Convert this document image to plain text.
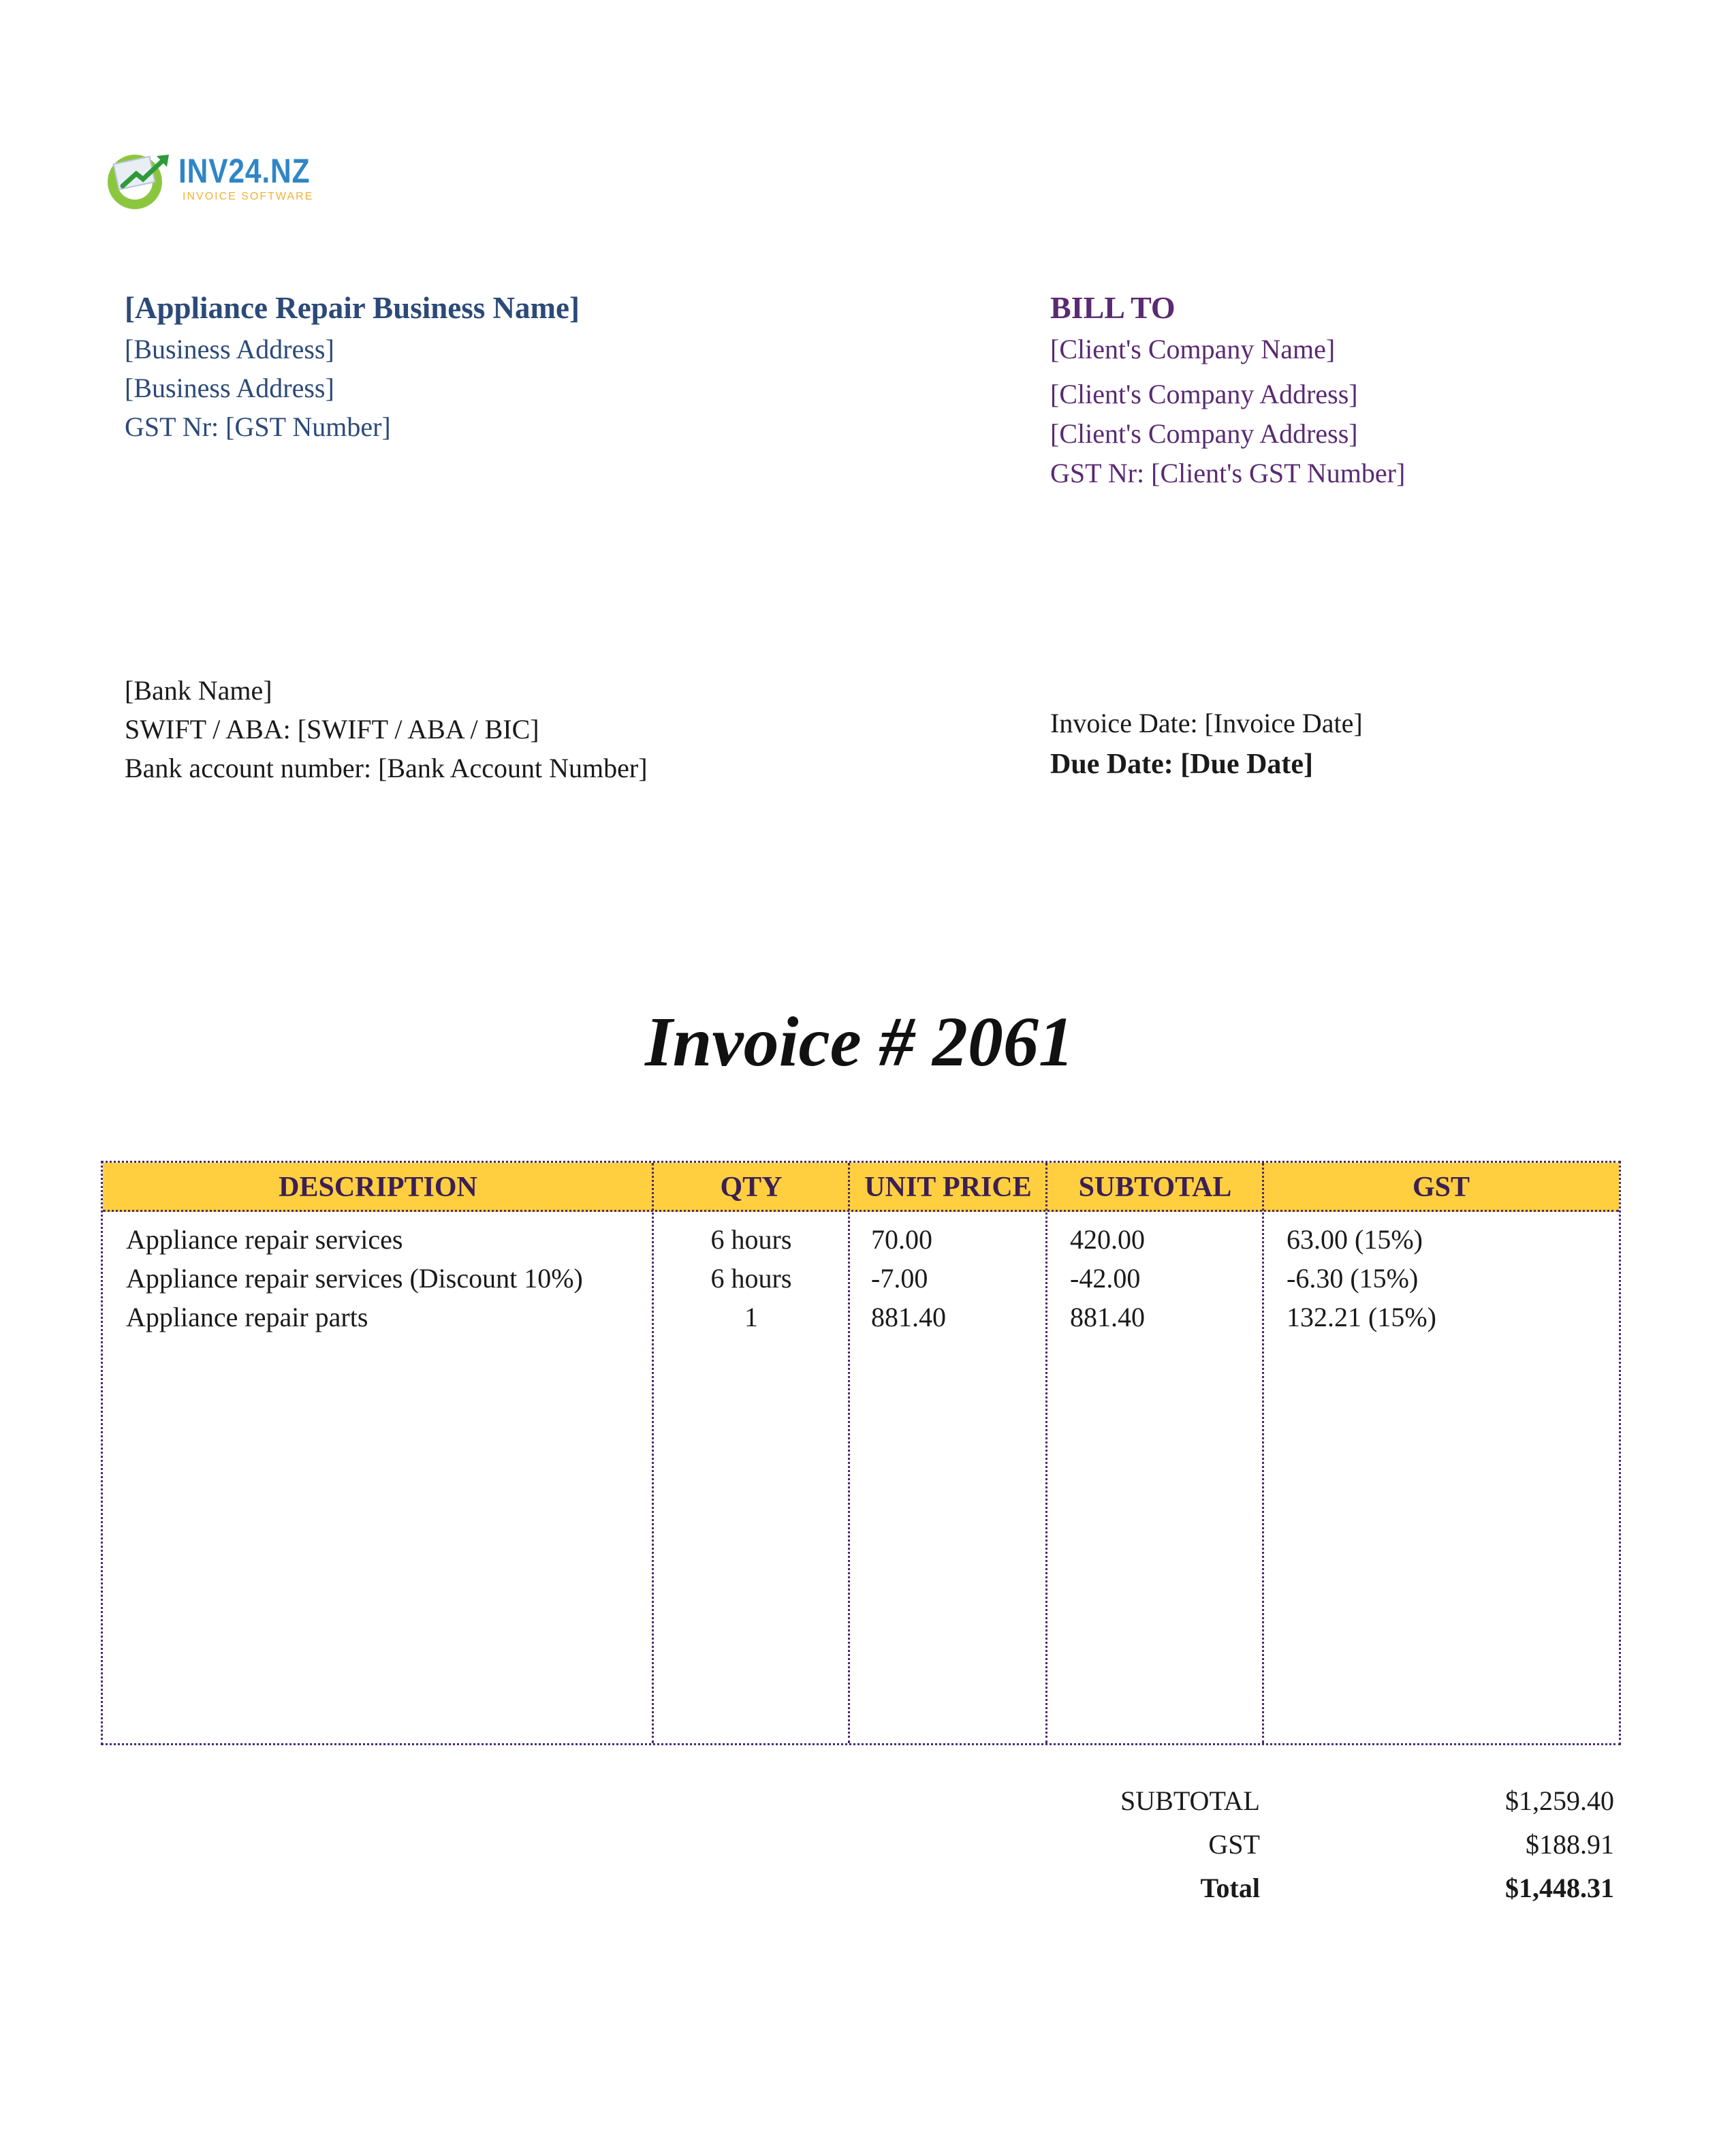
INV24.NZ
INVOICE SOFTWARE
[Appliance Repair Business Name]
[Business Address]
[Business Address]
GST Nr: [GST Number]
BILL TO
[Client's Company Name]
[Client's Company Address]
[Client's Company Address]
GST Nr: [Client's GST Number]
[Bank Name]
SWIFT / ABA: [SWIFT / ABA / BIC]
Bank account number: [Bank Account Number]
Invoice Date: [Invoice Date]
Due Date: [Due Date]
Invoice # 2061
DESCRIPTION	QTY	UNIT PRICE	SUBTOTAL	GST
Appliance repair services	6 hours	70.00	420.00	63.00 (15%)
Appliance repair services (Discount 10%)	6 hours	-7.00	-42.00	-6.30 (15%)
Appliance repair parts	1	881.40	881.40	132.21 (15%)
SUBTOTAL	$1,259.40
GST	$188.91
Total	$1,448.31
